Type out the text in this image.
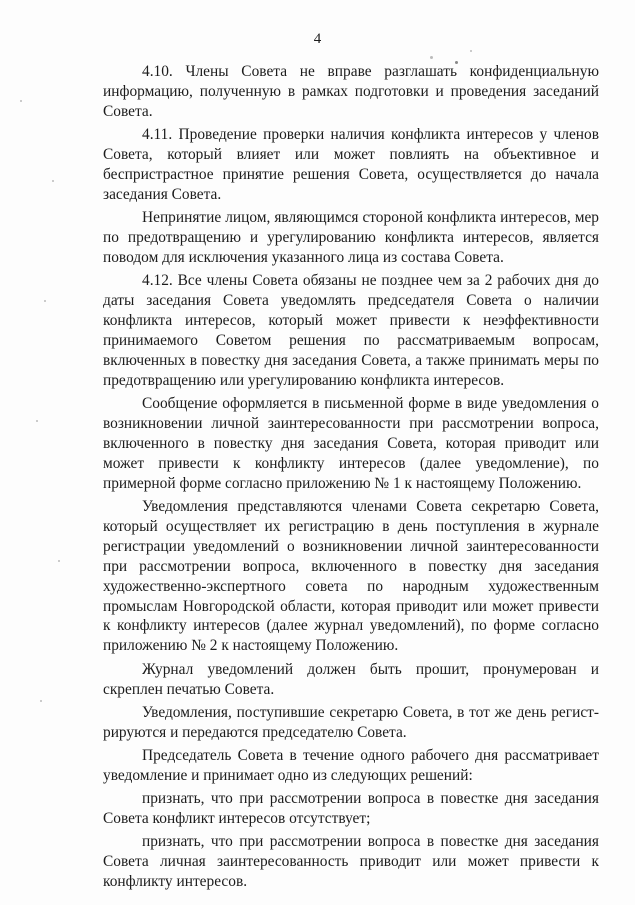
4

4.10. Члены Совета не вправе разглашать конфиденциальную информацию, полученную в рамках подготовки и проведения заседаний Совета.

4.11. Проведение проверки наличия конфликта интересов у членов Совета, который влияет или может повлиять на объективное и беспристрастное принятие решения Совета, осуществляется до начала заседания Совета.

Непринятие лицом, являющимся стороной конфликта интересов, мер по предотвращению и урегулированию конфликта интересов, является поводом для исключения указанного лица из состава Совета.

4.12. Все члены Совета обязаны не позднее чем за 2 рабочих дня до даты заседания Совета уведомлять председателя Совета о наличии конфликта интересов, который может привести к неэффективности принимаемого Советом решения по рассматриваемым вопросам, включенных в повестку дня заседания Совета, а также принимать меры по предотвращению или урегулированию конфликта интересов.

Сообщение оформляется в письменной форме в виде уведомления о возникновении личной заинтересованности при рассмотрении вопроса, включенного в повестку дня заседания Совета, которая приводит или может привести к конфликту интересов (далее уведомление), по примерной форме согласно приложению № 1 к настоящему Положению.

Уведомления представляются членами Совета секретарю Совета, который осуществляет их регистрацию в день поступления в журнале регистрации уведомлений о возникновении личной заинтересованности при рассмотрении вопроса, включенного в повестку дня заседания художественно-экспертного совета по народным художественным промыслам Новгородской области, которая приводит или может привести к конфликту интересов (далее журнал уведомлений), по форме согласно приложению № 2 к настоящему Положению.

Журнал уведомлений должен быть прошит, пронумерован и скреплен печатью Совета.

Уведомления, поступившие секретарю Совета, в тот же день регист-рируются и передаются председателю Совета.

Председатель Совета в течение одного рабочего дня рассматривает уведомление и принимает одно из следующих решений:

признать, что при рассмотрении вопроса в повестке дня заседания Совета конфликт интересов отсутствует;

признать, что при рассмотрении вопроса в повестке дня заседания Совета личная заинтересованность приводит или может привести к конфликту интересов.
